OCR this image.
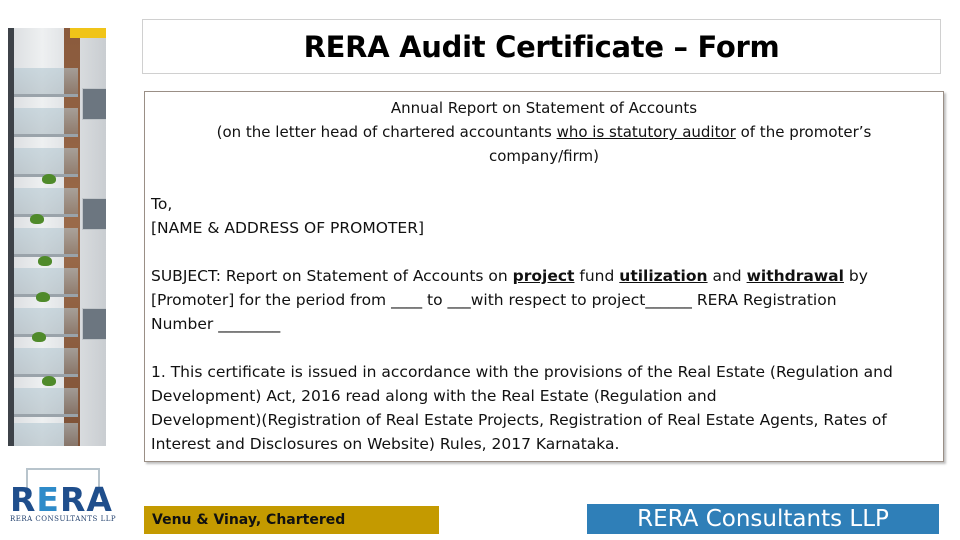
RERA Audit Certificate – Form
Annual Report on Statement of Accounts
(on the letter head of chartered accountants who is statutory auditor of the promoter’s
company/firm)

To,

[NAME & ADDRESS OF PROMOTER]

SUBJECT: Report on Statement of Accounts on project fund utilization and withdrawal by

[Promoter] for the period from ____ to ___with respect to project______ RERA Registration

Number ________

1. This certificate is issued in accordance with the provisions of the Real Estate (Regulation and

Development) Act, 2016 read along with the Real Estate (Regulation and

Development)(Registration of Real Estate Projects, Registration of Real Estate Agents, Rates of

Interest and Disclosures on Website) Rules, 2017 Karnataka.

RERA
RERA CONSULTANTS LLP	Venu & Vinay, Chartered	RERA Consultants LLP
